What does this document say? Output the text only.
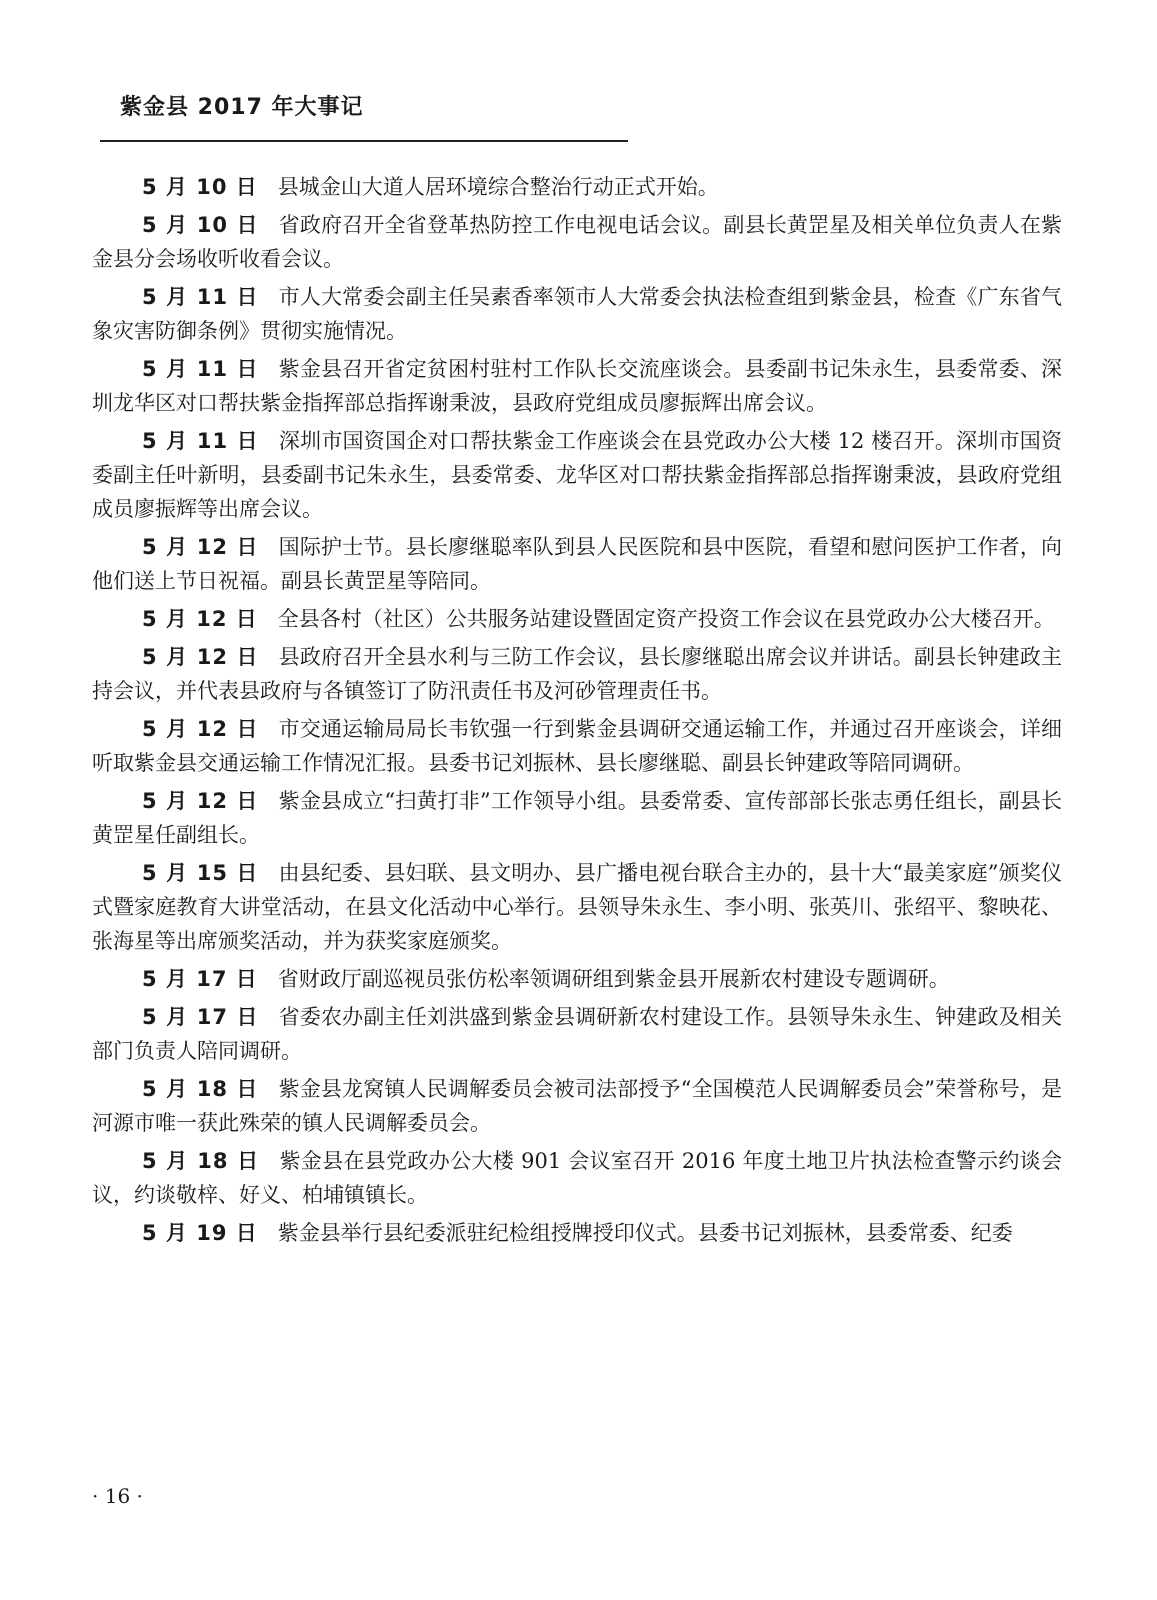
紫金县 2017 年大事记

5 月 10 日 县城金山大道人居环境综合整治行动正式开始。

5 月 10 日 省政府召开全省登革热防控工作电视电话会议。副县长黄罡星及相关单位负责人在紫金县分会场收听收看会议。

5 月 11 日 市人大常委会副主任吴素香率领市人大常委会执法检查组到紫金县，检查《广东省气象灾害防御条例》贯彻实施情况。

5 月 11 日 紫金县召开省定贫困村驻村工作队长交流座谈会。县委副书记朱永生，县委常委、深圳龙华区对口帮扶紫金指挥部总指挥谢秉波，县政府党组成员廖振辉出席会议。

5 月 11 日 深圳市国资国企对口帮扶紫金工作座谈会在县党政办公大楼 12 楼召开。深圳市国资委副主任叶新明，县委副书记朱永生，县委常委、龙华区对口帮扶紫金指挥部总指挥谢秉波，县政府党组成员廖振辉等出席会议。

5 月 12 日 国际护士节。县长廖继聪率队到县人民医院和县中医院，看望和慰问医护工作者，向他们送上节日祝福。副县长黄罡星等陪同。

5 月 12 日 全县各村（社区）公共服务站建设暨固定资产投资工作会议在县党政办公大楼召开。

5 月 12 日 县政府召开全县水利与三防工作会议，县长廖继聪出席会议并讲话。副县长钟建政主持会议，并代表县政府与各镇签订了防汛责任书及河砂管理责任书。

5 月 12 日 市交通运输局局长韦钦强一行到紫金县调研交通运输工作，并通过召开座谈会，详细听取紫金县交通运输工作情况汇报。县委书记刘振林、县长廖继聪、副县长钟建政等陪同调研。

5 月 12 日 紫金县成立“扫黄打非”工作领导小组。县委常委、宣传部部长张志勇任组长，副县长黄罡星任副组长。

5 月 15 日 由县纪委、县妇联、县文明办、县广播电视台联合主办的，县十大“最美家庭”颁奖仪式暨家庭教育大讲堂活动，在县文化活动中心举行。县领导朱永生、李小明、张英川、张绍平、黎映花、张海星等出席颁奖活动，并为获奖家庭颁奖。

5 月 17 日 省财政厅副巡视员张仿松率领调研组到紫金县开展新农村建设专题调研。

5 月 17 日 省委农办副主任刘洪盛到紫金县调研新农村建设工作。县领导朱永生、钟建政及相关部门负责人陪同调研。

5 月 18 日 紫金县龙窝镇人民调解委员会被司法部授予“全国模范人民调解委员会”荣誉称号，是河源市唯一获此殊荣的镇人民调解委员会。

5 月 18 日 紫金县在县党政办公大楼 901 会议室召开 2016 年度土地卫片执法检查警示约谈会议，约谈敬梓、好义、柏埔镇镇长。

5 月 19 日 紫金县举行县纪委派驻纪检组授牌授印仪式。县委书记刘振林，县委常委、纪委

· 16 ·
